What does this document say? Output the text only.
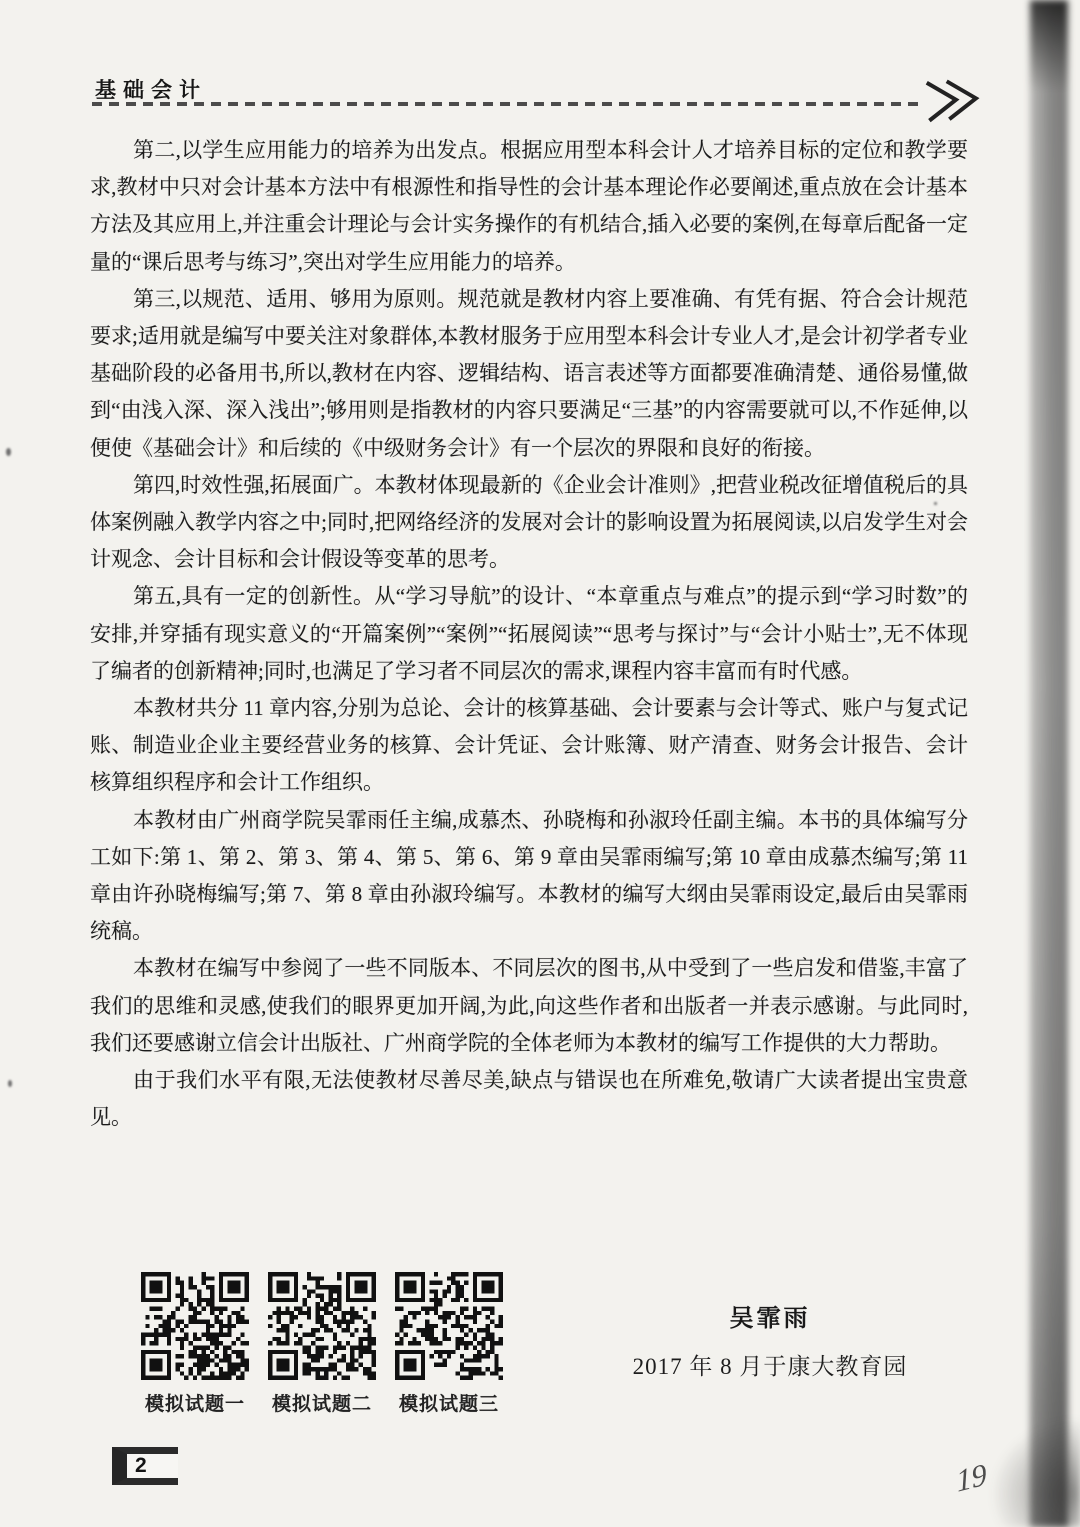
基础会计

第二,以学生应用能力的培养为出发点。根据应用型本科会计人才培养目标的定位和教学要求,教材中只对会计基本方法中有根源性和指导性的会计基本理论作必要阐述,重点放在会计基本方法及其应用上,并注重会计理论与会计实务操作的有机结合,插入必要的案例,在每章后配备一定量的“课后思考与练习”,突出对学生应用能力的培养。

第三,以规范、适用、够用为原则。规范就是教材内容上要准确、有凭有据、符合会计规范要求;适用就是编写中要关注对象群体,本教材服务于应用型本科会计专业人才,是会计初学者专业基础阶段的必备用书,所以,教材在内容、逻辑结构、语言表述等方面都要准确清楚、通俗易懂,做到“由浅入深、深入浅出”;够用则是指教材的内容只要满足“三基”的内容需要就可以,不作延伸,以便使《基础会计》和后续的《中级财务会计》有一个层次的界限和良好的衔接。

第四,时效性强,拓展面广。本教材体现最新的《企业会计准则》,把营业税改征增值税后的具体案例融入教学内容之中;同时,把网络经济的发展对会计的影响设置为拓展阅读,以启发学生对会计观念、会计目标和会计假设等变革的思考。

第五,具有一定的创新性。从“学习导航”的设计、“本章重点与难点”的提示到“学习时数”的安排,并穿插有现实意义的“开篇案例”“案例”“拓展阅读”“思考与探讨”与“会计小贴士”,无不体现了编者的创新精神;同时,也满足了学习者不同层次的需求,课程内容丰富而有时代感。

本教材共分 11 章内容,分别为总论、会计的核算基础、会计要素与会计等式、账户与复式记账、制造业企业主要经营业务的核算、会计凭证、会计账簿、财产清查、财务会计报告、会计核算组织程序和会计工作组织。

本教材由广州商学院吴霏雨任主编,成慕杰、孙晓梅和孙淑玲任副主编。本书的具体编写分工如下:第 1、第 2、第 3、第 4、第 5、第 6、第 9 章由吴霏雨编写;第 10 章由成慕杰编写;第 11 章由许孙晓梅编写;第 7、第 8 章由孙淑玲编写。本教材的编写大纲由吴霏雨设定,最后由吴霏雨统稿。

本教材在编写中参阅了一些不同版本、不同层次的图书,从中受到了一些启发和借鉴,丰富了我们的思维和灵感,使我们的眼界更加开阔,为此,向这些作者和出版者一并表示感谢。与此同时,我们还要感谢立信会计出版社、广州商学院的全体老师为本教材的编写工作提供的大力帮助。

由于我们水平有限,无法使教材尽善尽美,缺点与错误也在所难免,敬请广大读者提出宝贵意见。

模拟试题一 模拟试题二 模拟试题三
吴霏雨
2017 年 8 月于康大教育园
2	19
